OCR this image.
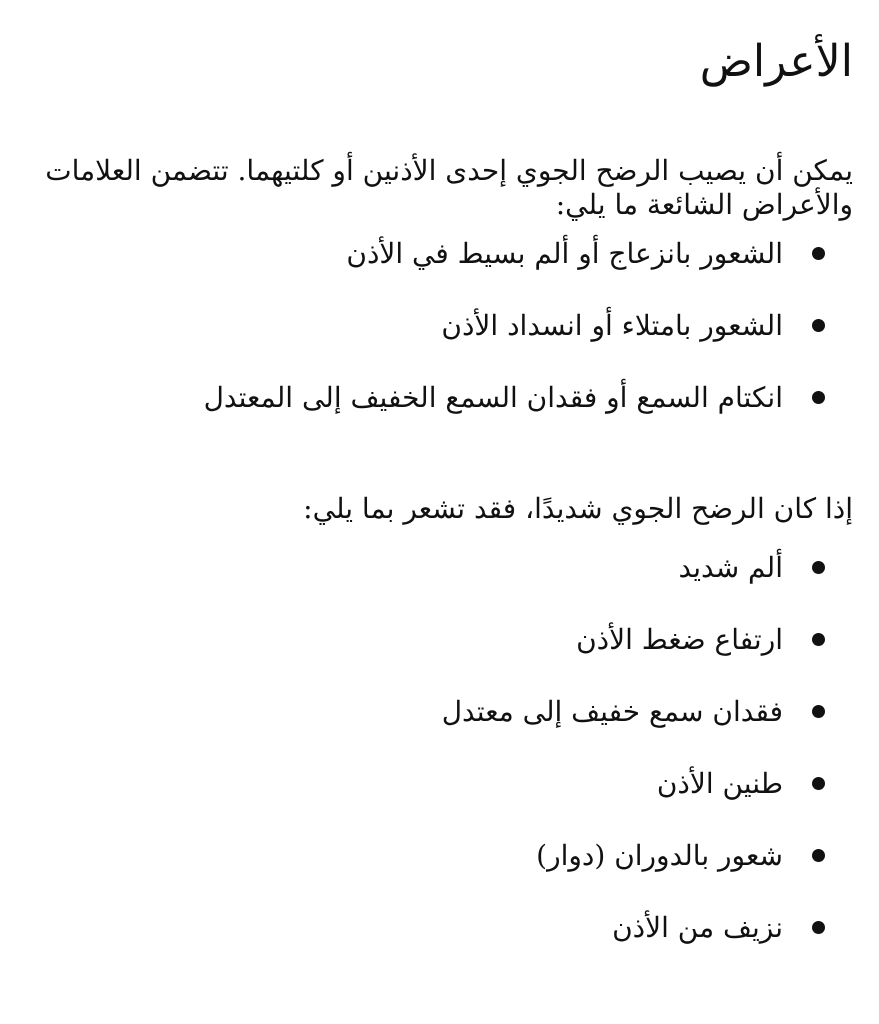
الأعراض

يمكن أن يصيب الرضح الجوي إحدى الأذنين أو كلتيهما. تتضمن العلامات والأعراض الشائعة ما يلي:

الشعور بانزعاج أو ألم بسيط في الأذن
الشعور بامتلاء أو انسداد الأذن
انكتام السمع أو فقدان السمع الخفيف إلى المعتدل

إذا كان الرضح الجوي شديدًا، فقد تشعر بما يلي:

ألم شديد
ارتفاع ضغط الأذن
فقدان سمع خفيف إلى معتدل
طنين الأذن
شعور بالدوران (دوار)
نزيف من الأذن
